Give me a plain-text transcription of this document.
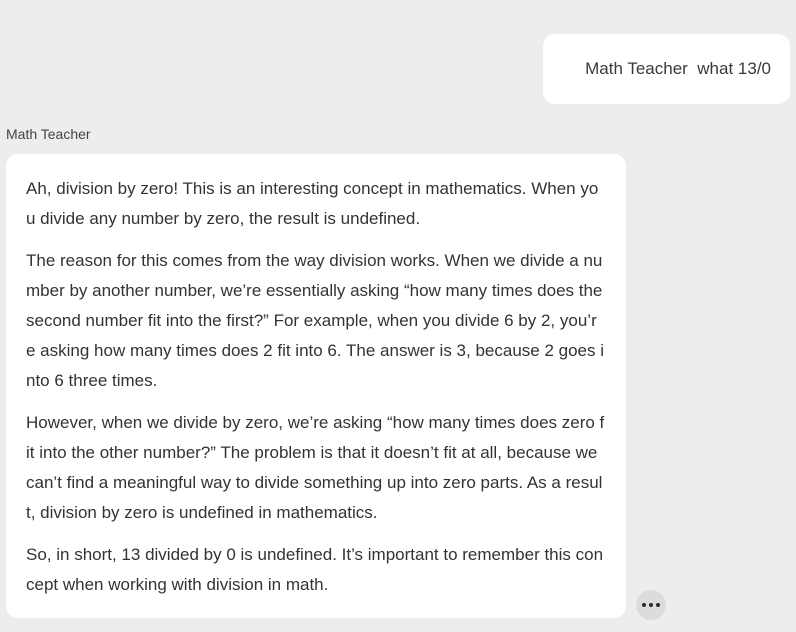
Math Teacher  what 13/0
Math Teacher

Ah, division by zero! This is an interesting concept in mathematics. When you divide any number by zero, the result is undefined.

The reason for this comes from the way division works. When we divide a number by another number, we’re essentially asking “how many times does the second number fit into the first?” For example, when you divide 6 by 2, you’re asking how many times does 2 fit into 6. The answer is 3, because 2 goes into 6 three times.

However, when we divide by zero, we’re asking “how many times does zero fit into the other number?” The problem is that it doesn’t fit at all, because we can’t find a meaningful way to divide something up into zero parts. As a result, division by zero is undefined in mathematics.

So, in short, 13 divided by 0 is undefined. It’s important to remember this concept when working with division in math.
